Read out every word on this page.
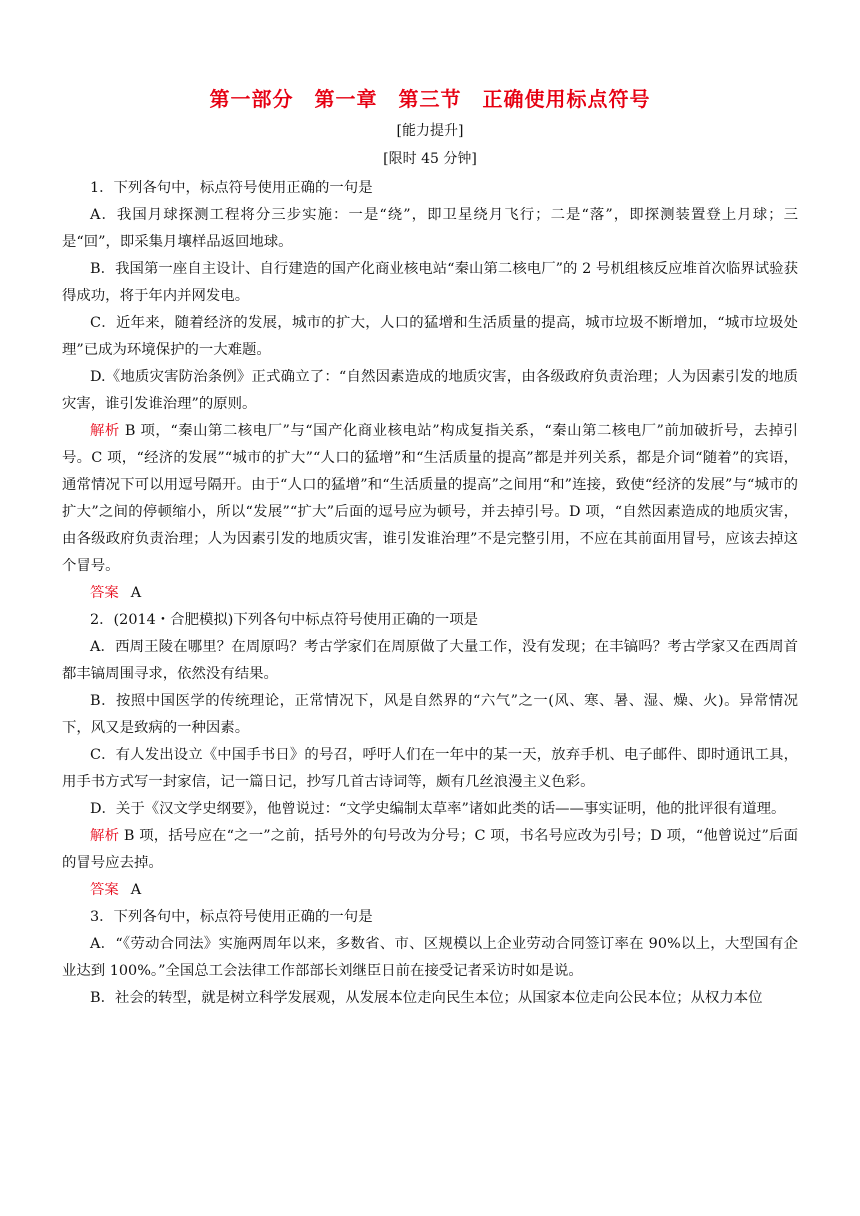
第一部分　第一章　第三节　正确使用标点符号
[能力提升]
[限时 45 分钟]

1．下列各句中，标点符号使用正确的一句是

A．我国月球探测工程将分三步实施：一是“绕”，即卫星绕月飞行；二是“落”，即探测装置登上月球；三是“回”，即采集月壤样品返回地球。

B．我国第一座自主设计、自行建造的国产化商业核电站“秦山第二核电厂”的 2 号机组核反应堆首次临界试验获得成功，将于年内并网发电。

C．近年来，随着经济的发展，城市的扩大，人口的猛增和生活质量的提高，城市垃圾不断增加，“城市垃圾处理”已成为环境保护的一大难题。

D.《地质灾害防治条例》正式确立了：“自然因素造成的地质灾害，由各级政府负责治理；人为因素引发的地质灾害，谁引发谁治理”的原则。

解析 B 项，“秦山第二核电厂”与“国产化商业核电站”构成复指关系，“秦山第二核电厂”前加破折号，去掉引号。C 项，“经济的发展”“城市的扩大”“人口的猛增”和“生活质量的提高”都是并列关系，都是介词“随着”的宾语，通常情况下可以用逗号隔开。由于“人口的猛增”和“生活质量的提高”之间用“和”连接，致使“经济的发展”与“城市的扩大”之间的停顿缩小，所以“发展”“扩大”后面的逗号应为顿号，并去掉引号。D 项，“自然因素造成的地质灾害，由各级政府负责治理；人为因素引发的地质灾害，谁引发谁治理”不是完整引用，不应在其前面用冒号，应该去掉这个冒号。

答案 A

2．(2014・合肥模拟)下列各句中标点符号使用正确的一项是

A．西周王陵在哪里？在周原吗？考古学家们在周原做了大量工作，没有发现；在丰镐吗？考古学家又在西周首都丰镐周围寻求，依然没有结果。

B．按照中国医学的传统理论，正常情况下，风是自然界的“六气”之一(风、寒、暑、湿、燥、火)。异常情况下，风又是致病的一种因素。

C．有人发出设立《中国手书日》的号召，呼吁人们在一年中的某一天，放弃手机、电子邮件、即时通讯工具，用手书方式写一封家信，记一篇日记，抄写几首古诗词等，颇有几丝浪漫主义色彩。

D．关于《汉文学史纲要》，他曾说过：“文学史编制太草率”诸如此类的话——事实证明，他的批评很有道理。

解析 B 项，括号应在“之一”之前，括号外的句号改为分号；C 项，书名号应改为引号；D 项，“他曾说过”后面的冒号应去掉。

答案 A

3．下列各句中，标点符号使用正确的一句是

A．“《劳动合同法》实施两周年以来，多数省、市、区规模以上企业劳动合同签订率在 90%以上，大型国有企业达到 100%。”全国总工会法律工作部部长刘继臣日前在接受记者采访时如是说。

B．社会的转型，就是树立科学发展观，从发展本位走向民生本位；从国家本位走向公民本位；从权力本位
